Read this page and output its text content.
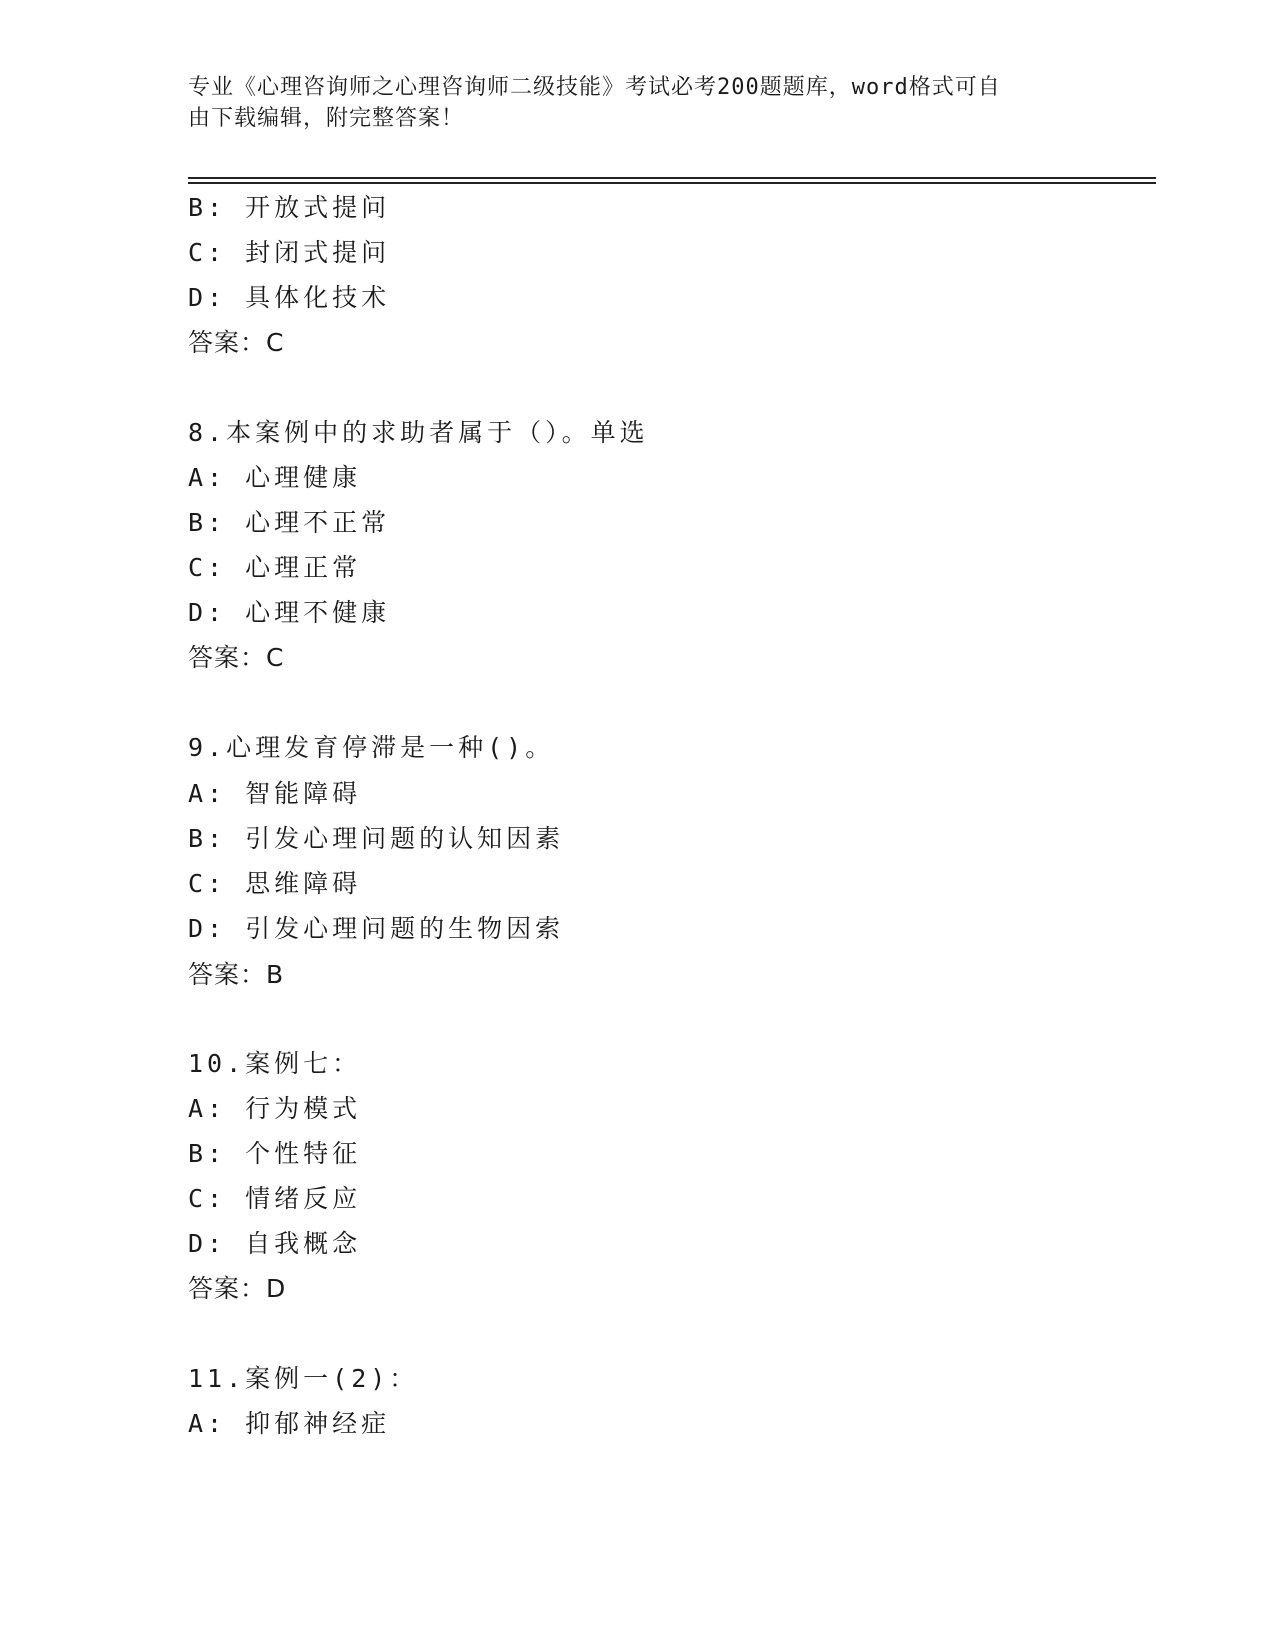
专业《心理咨询师之心理咨询师二级技能》考试必考200题题库，word格式可自
由下载编辑，附完整答案！
B: 开放式提问
C: 封闭式提问
D: 具体化技术
答案：C
8.本案例中的求助者属于（）。单选
A: 心理健康
B: 心理不正常
C: 心理正常
D: 心理不健康
答案：C
9.心理发育停滞是一种()。
A: 智能障碍
B: 引发心理问题的认知因素
C: 思维障碍
D: 引发心理问题的生物因索
答案：B
10.案例七：
A: 行为模式
B: 个性特征
C: 情绪反应
D: 自我概念
答案：D
11.案例一(2)：
A: 抑郁神经症
